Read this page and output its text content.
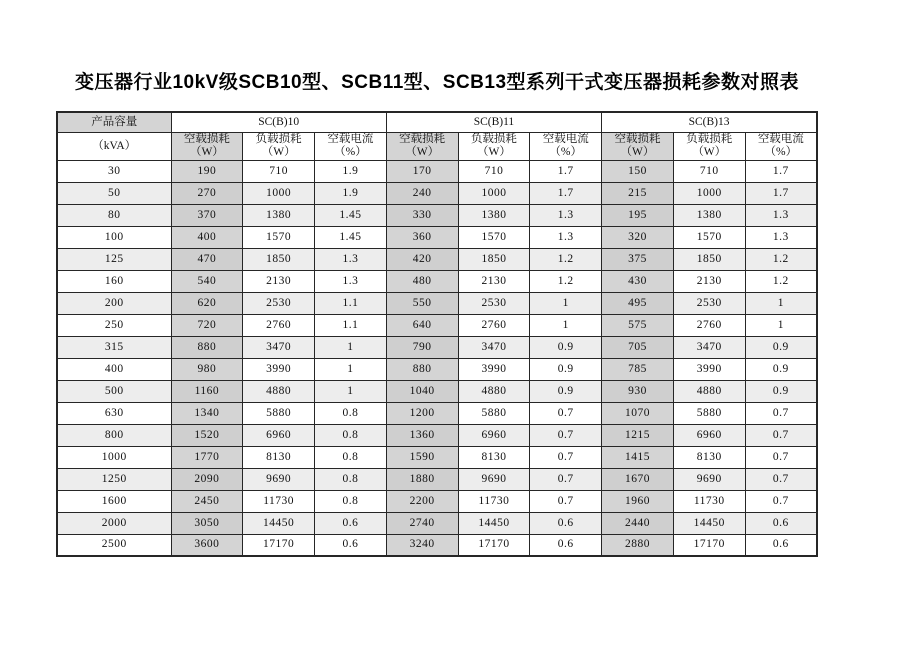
变压器行业10kV级SCB10型、SCB11型、SCB13型系列干式变压器损耗参数对照表
产品容量	SC(B)10			SC(B)11			SC(B)13		
（kVA）	空载损耗（W）	负载损耗（W）	空载电流（%）	空载损耗（W）	负载损耗（W）	空载电流（%）	空载损耗（W）	负载损耗（W）	空载电流（%）
30	190	710	1.9	170	710	1.7	150	710	1.7
50	270	1000	1.9	240	1000	1.7	215	1000	1.7
80	370	1380	1.45	330	1380	1.3	195	1380	1.3
100	400	1570	1.45	360	1570	1.3	320	1570	1.3
125	470	1850	1.3	420	1850	1.2	375	1850	1.2
160	540	2130	1.3	480	2130	1.2	430	2130	1.2
200	620	2530	1.1	550	2530	1	495	2530	1
250	720	2760	1.1	640	2760	1	575	2760	1
315	880	3470	1	790	3470	0.9	705	3470	0.9
400	980	3990	1	880	3990	0.9	785	3990	0.9
500	1160	4880	1	1040	4880	0.9	930	4880	0.9
630	1340	5880	0.8	1200	5880	0.7	1070	5880	0.7
800	1520	6960	0.8	1360	6960	0.7	1215	6960	0.7
1000	1770	8130	0.8	1590	8130	0.7	1415	8130	0.7
1250	2090	9690	0.8	1880	9690	0.7	1670	9690	0.7
1600	2450	11730	0.8	2200	11730	0.7	1960	11730	0.7
2000	3050	14450	0.6	2740	14450	0.6	2440	14450	0.6
2500	3600	17170	0.6	3240	17170	0.6	2880	17170	0.6
